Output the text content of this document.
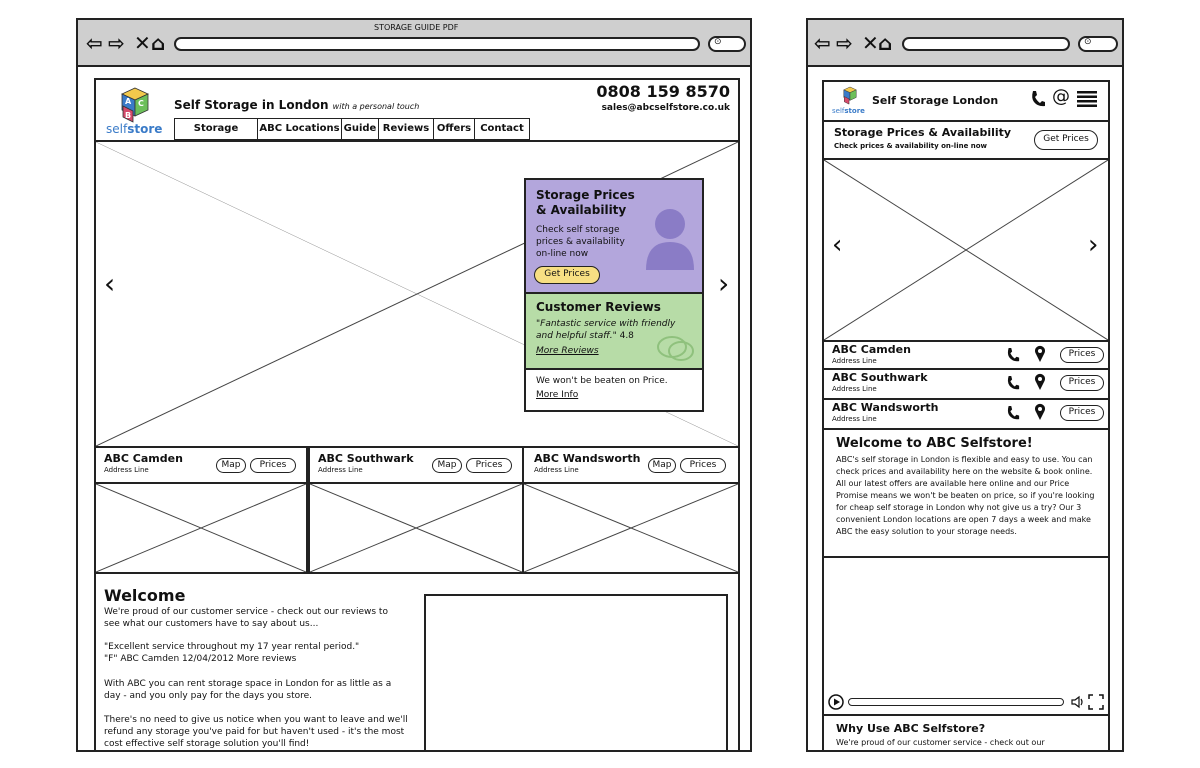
STORAGE GUIDE PDF
⇦ ⇨ ✕ ⌂	⊙
A C
B
selfstore
Self Storage in London with a personal touch
0808 159 8570
sales@abcselfstore.co.uk
Storage	ABC Locations Guide Reviews Offers Contact
‹	›
Storage Prices
& Availability
Check self storage prices & availability on-line now
Get Prices
Customer Reviews
"Fantastic service with friendly and helpful staff." 4.8
More Reviews
We won't be beaten on Price.
More Info
ABC Camden
Address Line	Map	Prices	ABC Southwark
Address Line	Map	Prices	ABC Wandsworth
Address Line	Map	Prices
Welcome
We're proud of our customer service - check out our reviews to see what our customers have to say about us...
"Excellent service throughout my 17 year rental period."
"F" ABC Camden 12/04/2012 More reviews
With ABC you can rent storage space in London for as little as a day - and you only pay for the days you store.
There's no need to give us notice when you want to leave and we'll refund any storage you've paid for but haven't used - it's the most cost effective self storage solution you'll find!
⇦ ⇨ ✕ ⌂	⊙
selfstore
Self Storage London	@
Storage Prices & Availability
Check prices & availability on-line now
Get Prices
‹	›
ABC Camden
Address Line
Prices
ABC Southwark
Address Line
Prices
ABC Wandsworth
Address Line
Prices
Welcome to ABC Selfstore!
ABC's self storage in London is flexible and easy to use. You can check prices and availability here on the website & book online. All our latest offers are available here online and our Price Promise means we won't be beaten on price, so if you're looking for cheap self storage in London why not give us a try? Our 3 convenient London locations are open 7 days a week and make ABC the easy solution to your storage needs.
Why Use ABC Selfstore?
We're proud of our customer service - check out our
